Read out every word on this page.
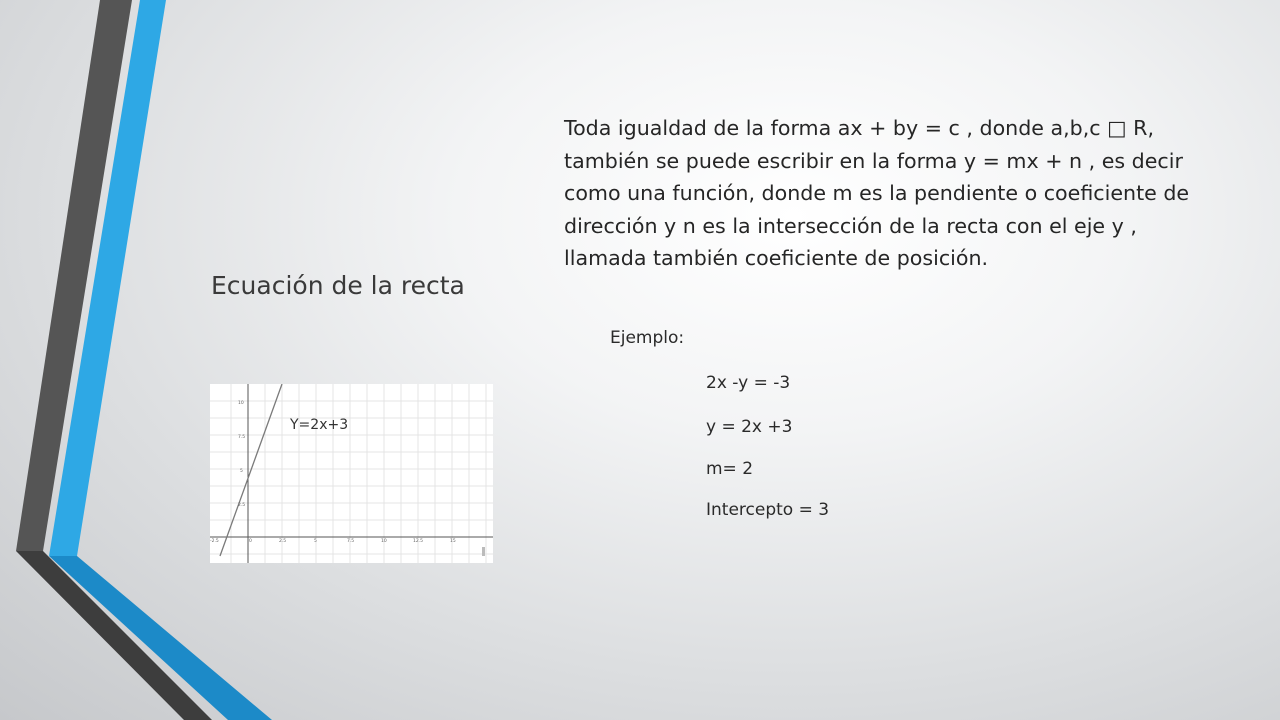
Ecuación de la recta

Toda igualdad de la forma ax + by = c , donde a,b,c □ R, también se puede escribir en la forma y = mx + n , es decir como una función, donde m es la pendiente o coeficiente de dirección y n es la intersección de la recta con el eje y , llamada también coeficiente de posición.

Ejemplo:
2x -y = -3
y = 2x +3
m= 2
Intercepto = 3
10
7.5
5
2.5
-2.5	0	2.5	5	7.5	10	12.5	15
Y=2x+3
